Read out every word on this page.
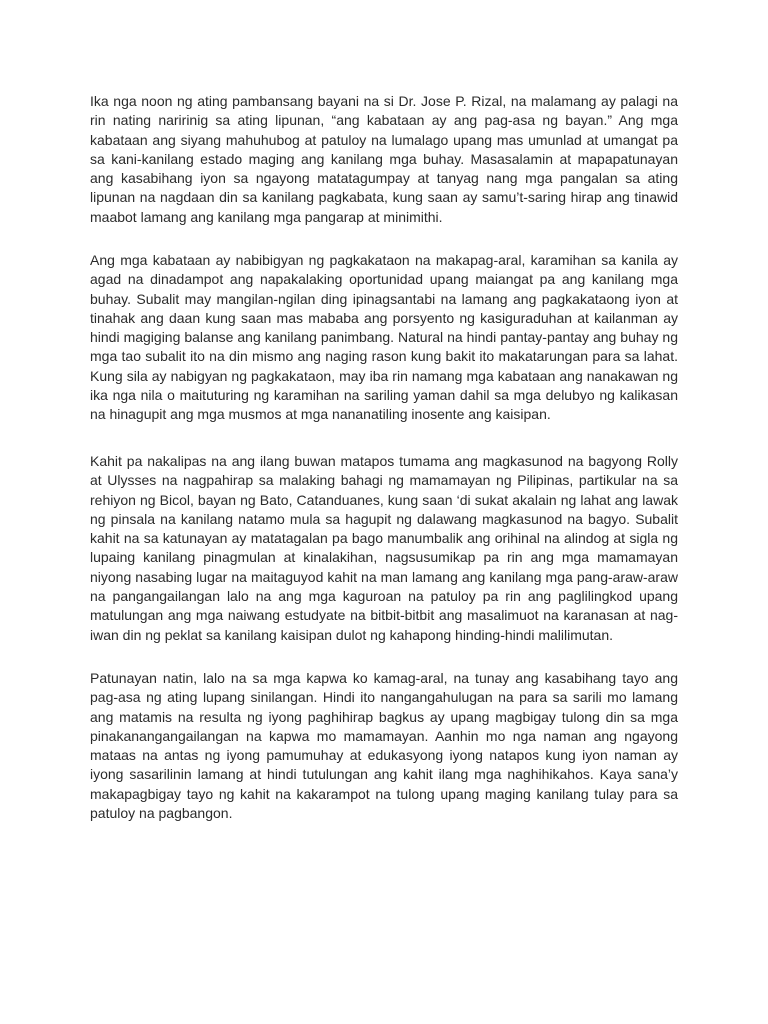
Ika nga noon ng ating pambansang bayani na si Dr. Jose P. Rizal, na malamang ay palagi na rin nating naririnig sa ating lipunan, “ang kabataan ay ang pag-asa ng bayan.” Ang mga kabataan ang siyang mahuhubog at patuloy na lumalago upang mas umunlad at umangat pa sa kani-kanilang estado maging ang kanilang mga buhay. Masasalamin at mapapatunayan ang kasabihang iyon sa ngayong matatagumpay at tanyag nang mga pangalan sa ating lipunan na nagdaan din sa kanilang pagkabata, kung saan ay samu’t-saring hirap ang tinawid maabot lamang ang kanilang mga pangarap at minimithi.

Ang mga kabataan ay nabibigyan ng pagkakataon na makapag-aral, karamihan sa kanila ay agad na dinadampot ang napakalaking oportunidad upang maiangat pa ang kanilang mga buhay. Subalit may mangilan-ngilan ding ipinagsantabi na lamang ang pagkakataong iyon at tinahak ang daan kung saan mas mababa ang porsyento ng kasiguraduhan at kailanman ay hindi magiging balanse ang kanilang panimbang. Natural na hindi pantay-pantay ang buhay ng mga tao subalit ito na din mismo ang naging rason kung bakit ito makatarungan para sa lahat. Kung sila ay nabigyan ng pagkakataon, may iba rin namang mga kabataan ang nanakawan ng ika nga nila o maituturing ng karamihan na sariling yaman dahil sa mga delubyo ng kalikasan na hinagupit ang mga musmos at mga nananatiling inosente ang kaisipan.

Kahit pa nakalipas na ang ilang buwan matapos tumama ang magkasunod na bagyong Rolly at Ulysses na nagpahirap sa malaking bahagi ng mamamayan ng Pilipinas, partikular na sa rehiyon ng Bicol, bayan ng Bato, Catanduanes, kung saan ‘di sukat akalain ng lahat ang lawak ng pinsala na kanilang natamo mula sa hagupit ng dalawang magkasunod na bagyo. Subalit kahit na sa katunayan ay matatagalan pa bago manumbalik ang orihinal na alindog at sigla ng lupaing kanilang pinagmulan at kinalakihan, nagsusumikap pa rin ang mga mamamayan niyong nasabing lugar na maitaguyod kahit na man lamang ang kanilang mga pang-araw-araw na pangangailangan lalo na ang mga kaguroan na patuloy pa rin ang paglilingkod upang matulungan ang mga naiwang estudyate na bitbit-bitbit ang masalimuot na karanasan at nag-iwan din ng peklat sa kanilang kaisipan dulot ng kahapong hinding-hindi malilimutan.

Patunayan natin, lalo na sa mga kapwa ko kamag-aral, na tunay ang kasabihang tayo ang pag-asa ng ating lupang sinilangan. Hindi ito nangangahulugan na para sa sarili mo lamang ang matamis na resulta ng iyong paghihirap bagkus ay upang magbigay tulong din sa mga pinakanangangailangan na kapwa mo mamamayan. Aanhin mo nga naman ang ngayong mataas na antas ng iyong pamumuhay at edukasyong iyong natapos kung iyon naman ay iyong sasarilinin lamang at hindi tutulungan ang kahit ilang mga naghihikahos. Kaya sana’y makapagbigay tayo ng kahit na kakarampot na tulong upang maging kanilang tulay para sa patuloy na pagbangon.
